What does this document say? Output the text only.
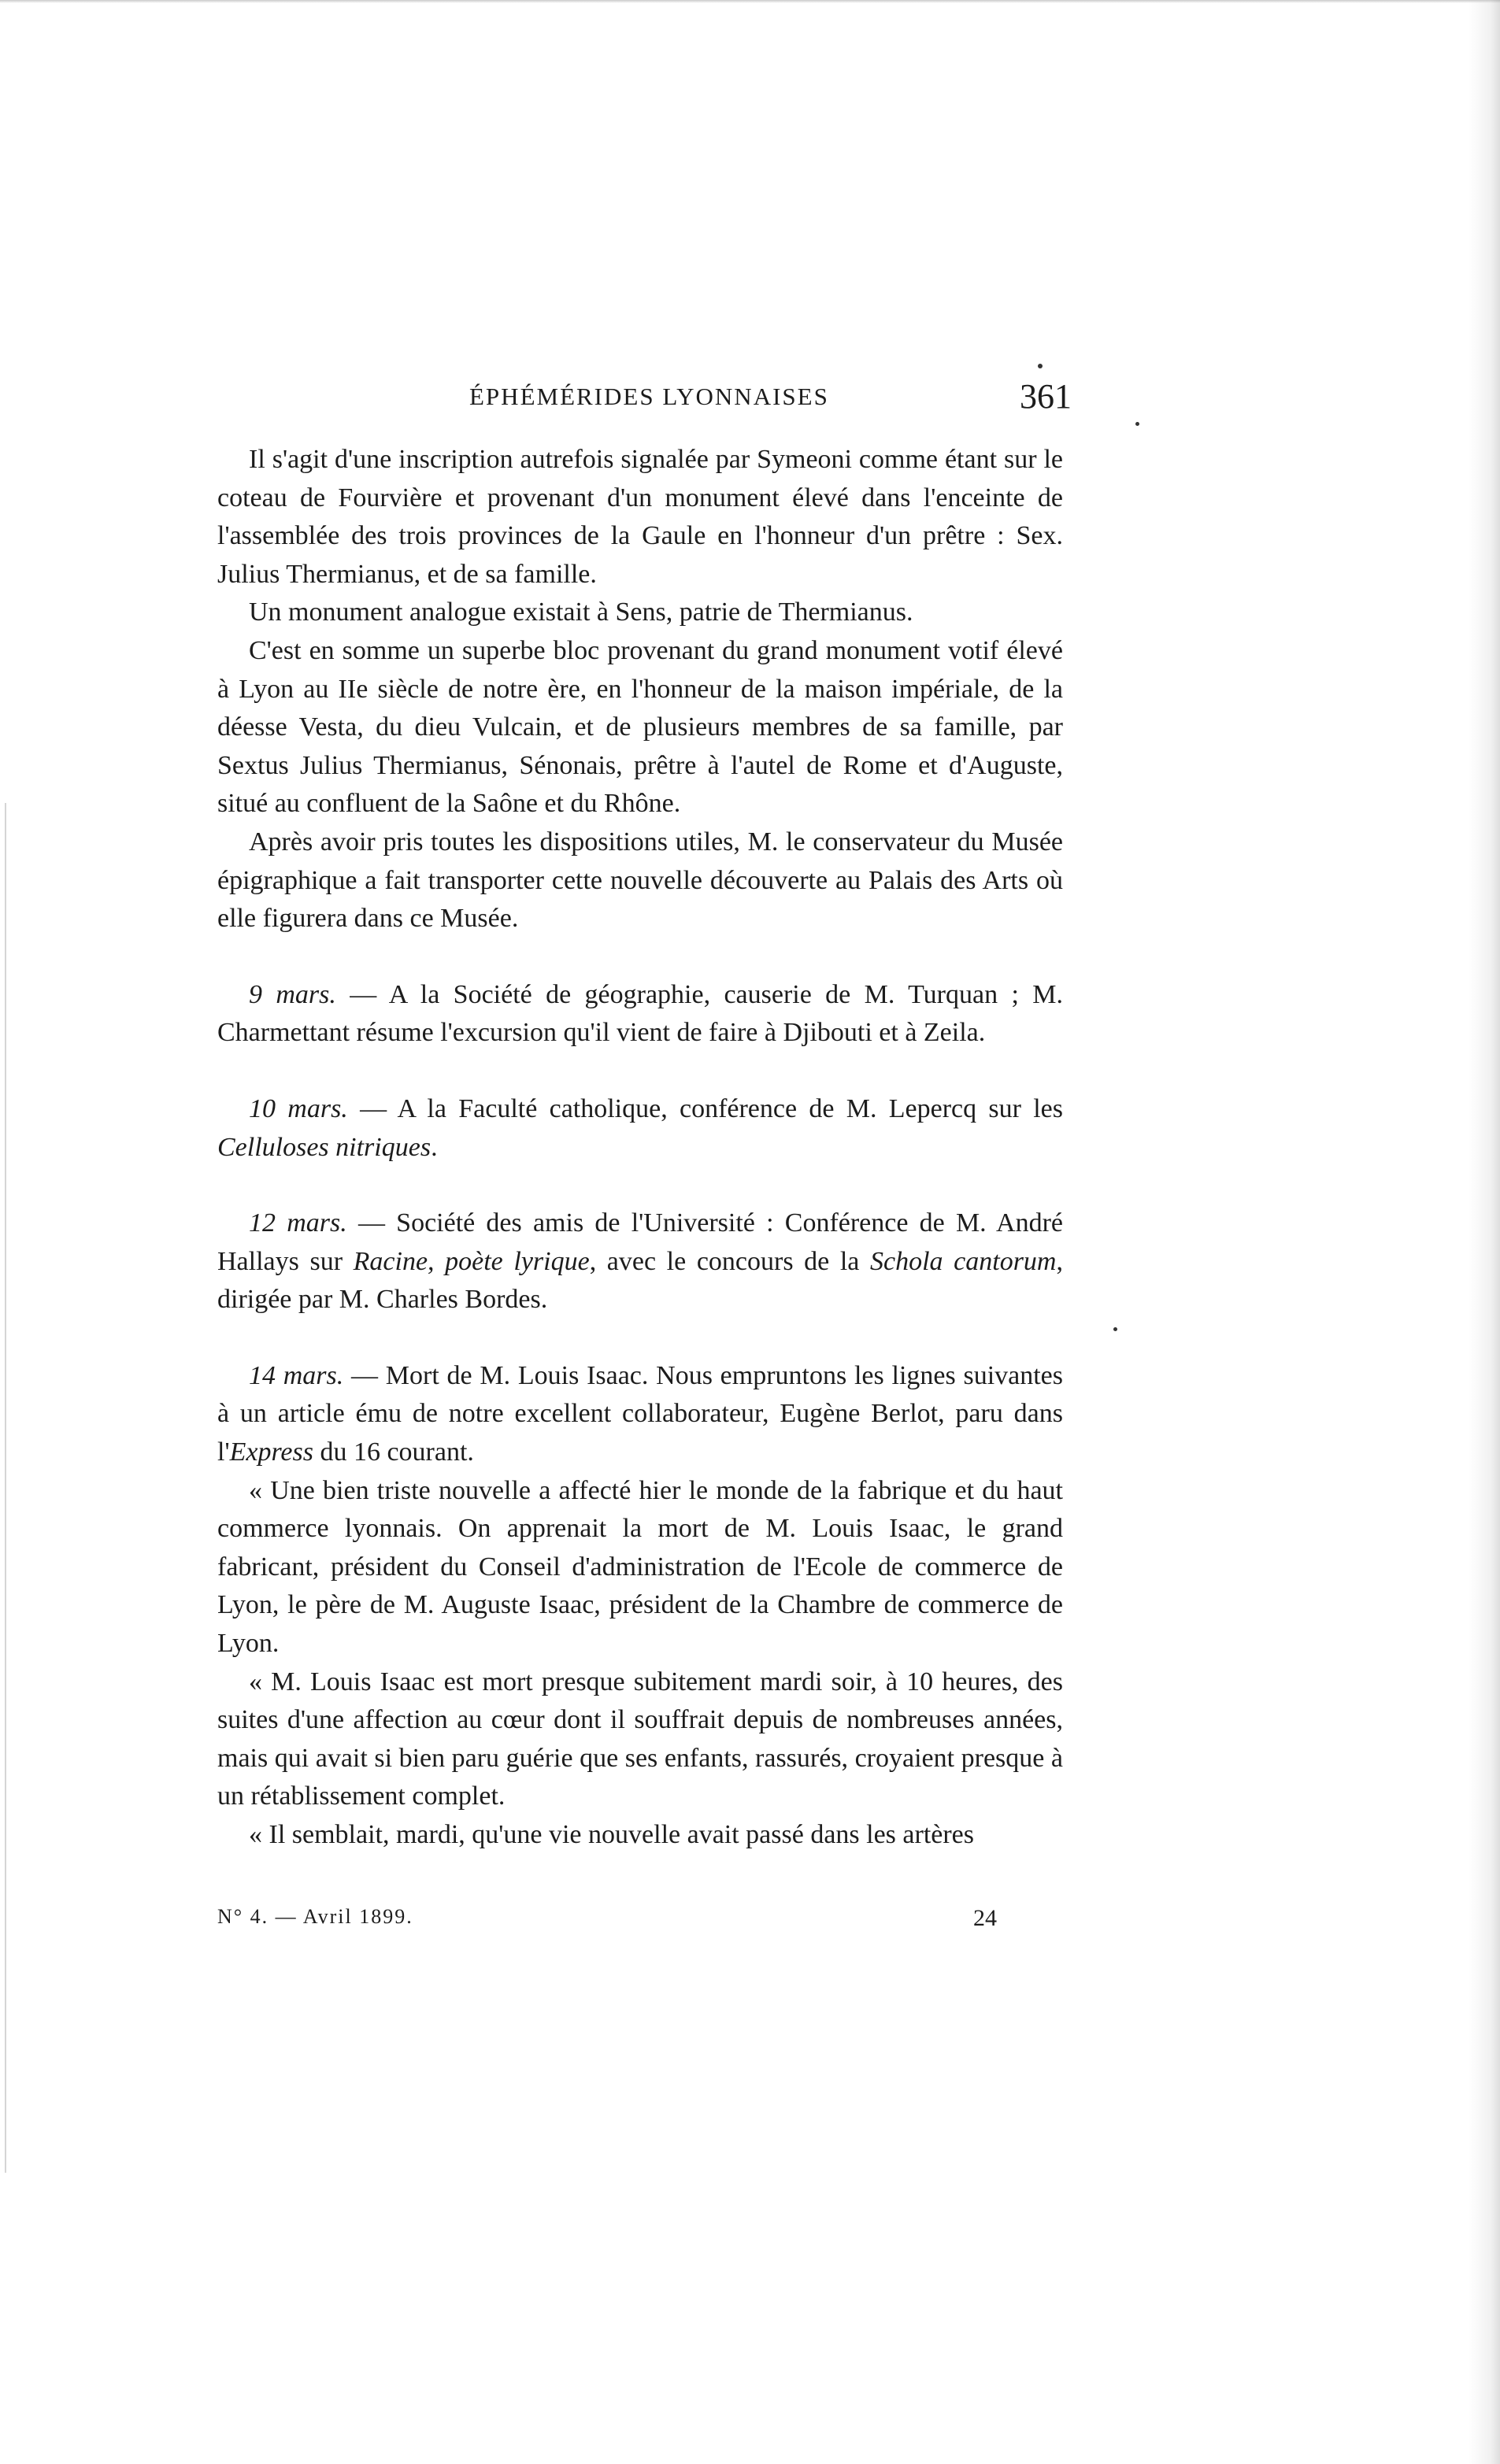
ÉPHÉMÉRIDES LYONNAISES	361

Il s'agit d'une inscription autrefois signalée par Symeoni comme étant sur le coteau de Fourvière et provenant d'un monument élevé dans l'enceinte de l'assemblée des trois provinces de la Gaule en l'honneur d'un prêtre : Sex. Julius Thermianus, et de sa famille.

Un monument analogue existait à Sens, patrie de Thermianus.

C'est en somme un superbe bloc provenant du grand monument votif élevé à Lyon au IIe siècle de notre ère, en l'honneur de la maison impériale, de la déesse Vesta, du dieu Vulcain, et de plusieurs membres de sa famille, par Sextus Julius Thermianus, Sénonais, prêtre à l'autel de Rome et d'Auguste, situé au confluent de la Saône et du Rhône.

Après avoir pris toutes les dispositions utiles, M. le conservateur du Musée épigraphique a fait transporter cette nouvelle découverte au Palais des Arts où elle figurera dans ce Musée.

9 mars. — A la Société de géographie, causerie de M. Turquan ; M. Charmettant résume l'excursion qu'il vient de faire à Djibouti et à Zeila.

10 mars. — A la Faculté catholique, conférence de M. Lepercq sur les Celluloses nitriques.

12 mars. — Société des amis de l'Université : Conférence de M. André Hallays sur Racine, poète lyrique, avec le concours de la Schola cantorum, dirigée par M. Charles Bordes.

14 mars. — Mort de M. Louis Isaac. Nous empruntons les lignes suivantes à un article ému de notre excellent collaborateur, Eugène Berlot, paru dans l'Express du 16 courant.

« Une bien triste nouvelle a affecté hier le monde de la fabrique et du haut commerce lyonnais. On apprenait la mort de M. Louis Isaac, le grand fabricant, président du Conseil d'administration de l'Ecole de commerce de Lyon, le père de M. Auguste Isaac, président de la Chambre de commerce de Lyon.

« M. Louis Isaac est mort presque subitement mardi soir, à 10 heures, des suites d'une affection au cœur dont il souffrait depuis de nombreuses années, mais qui avait si bien paru guérie que ses enfants, rassurés, croyaient presque à un rétablissement complet.

« Il semblait, mardi, qu'une vie nouvelle avait passé dans les artères

N° 4. — Avril 1899.	24
